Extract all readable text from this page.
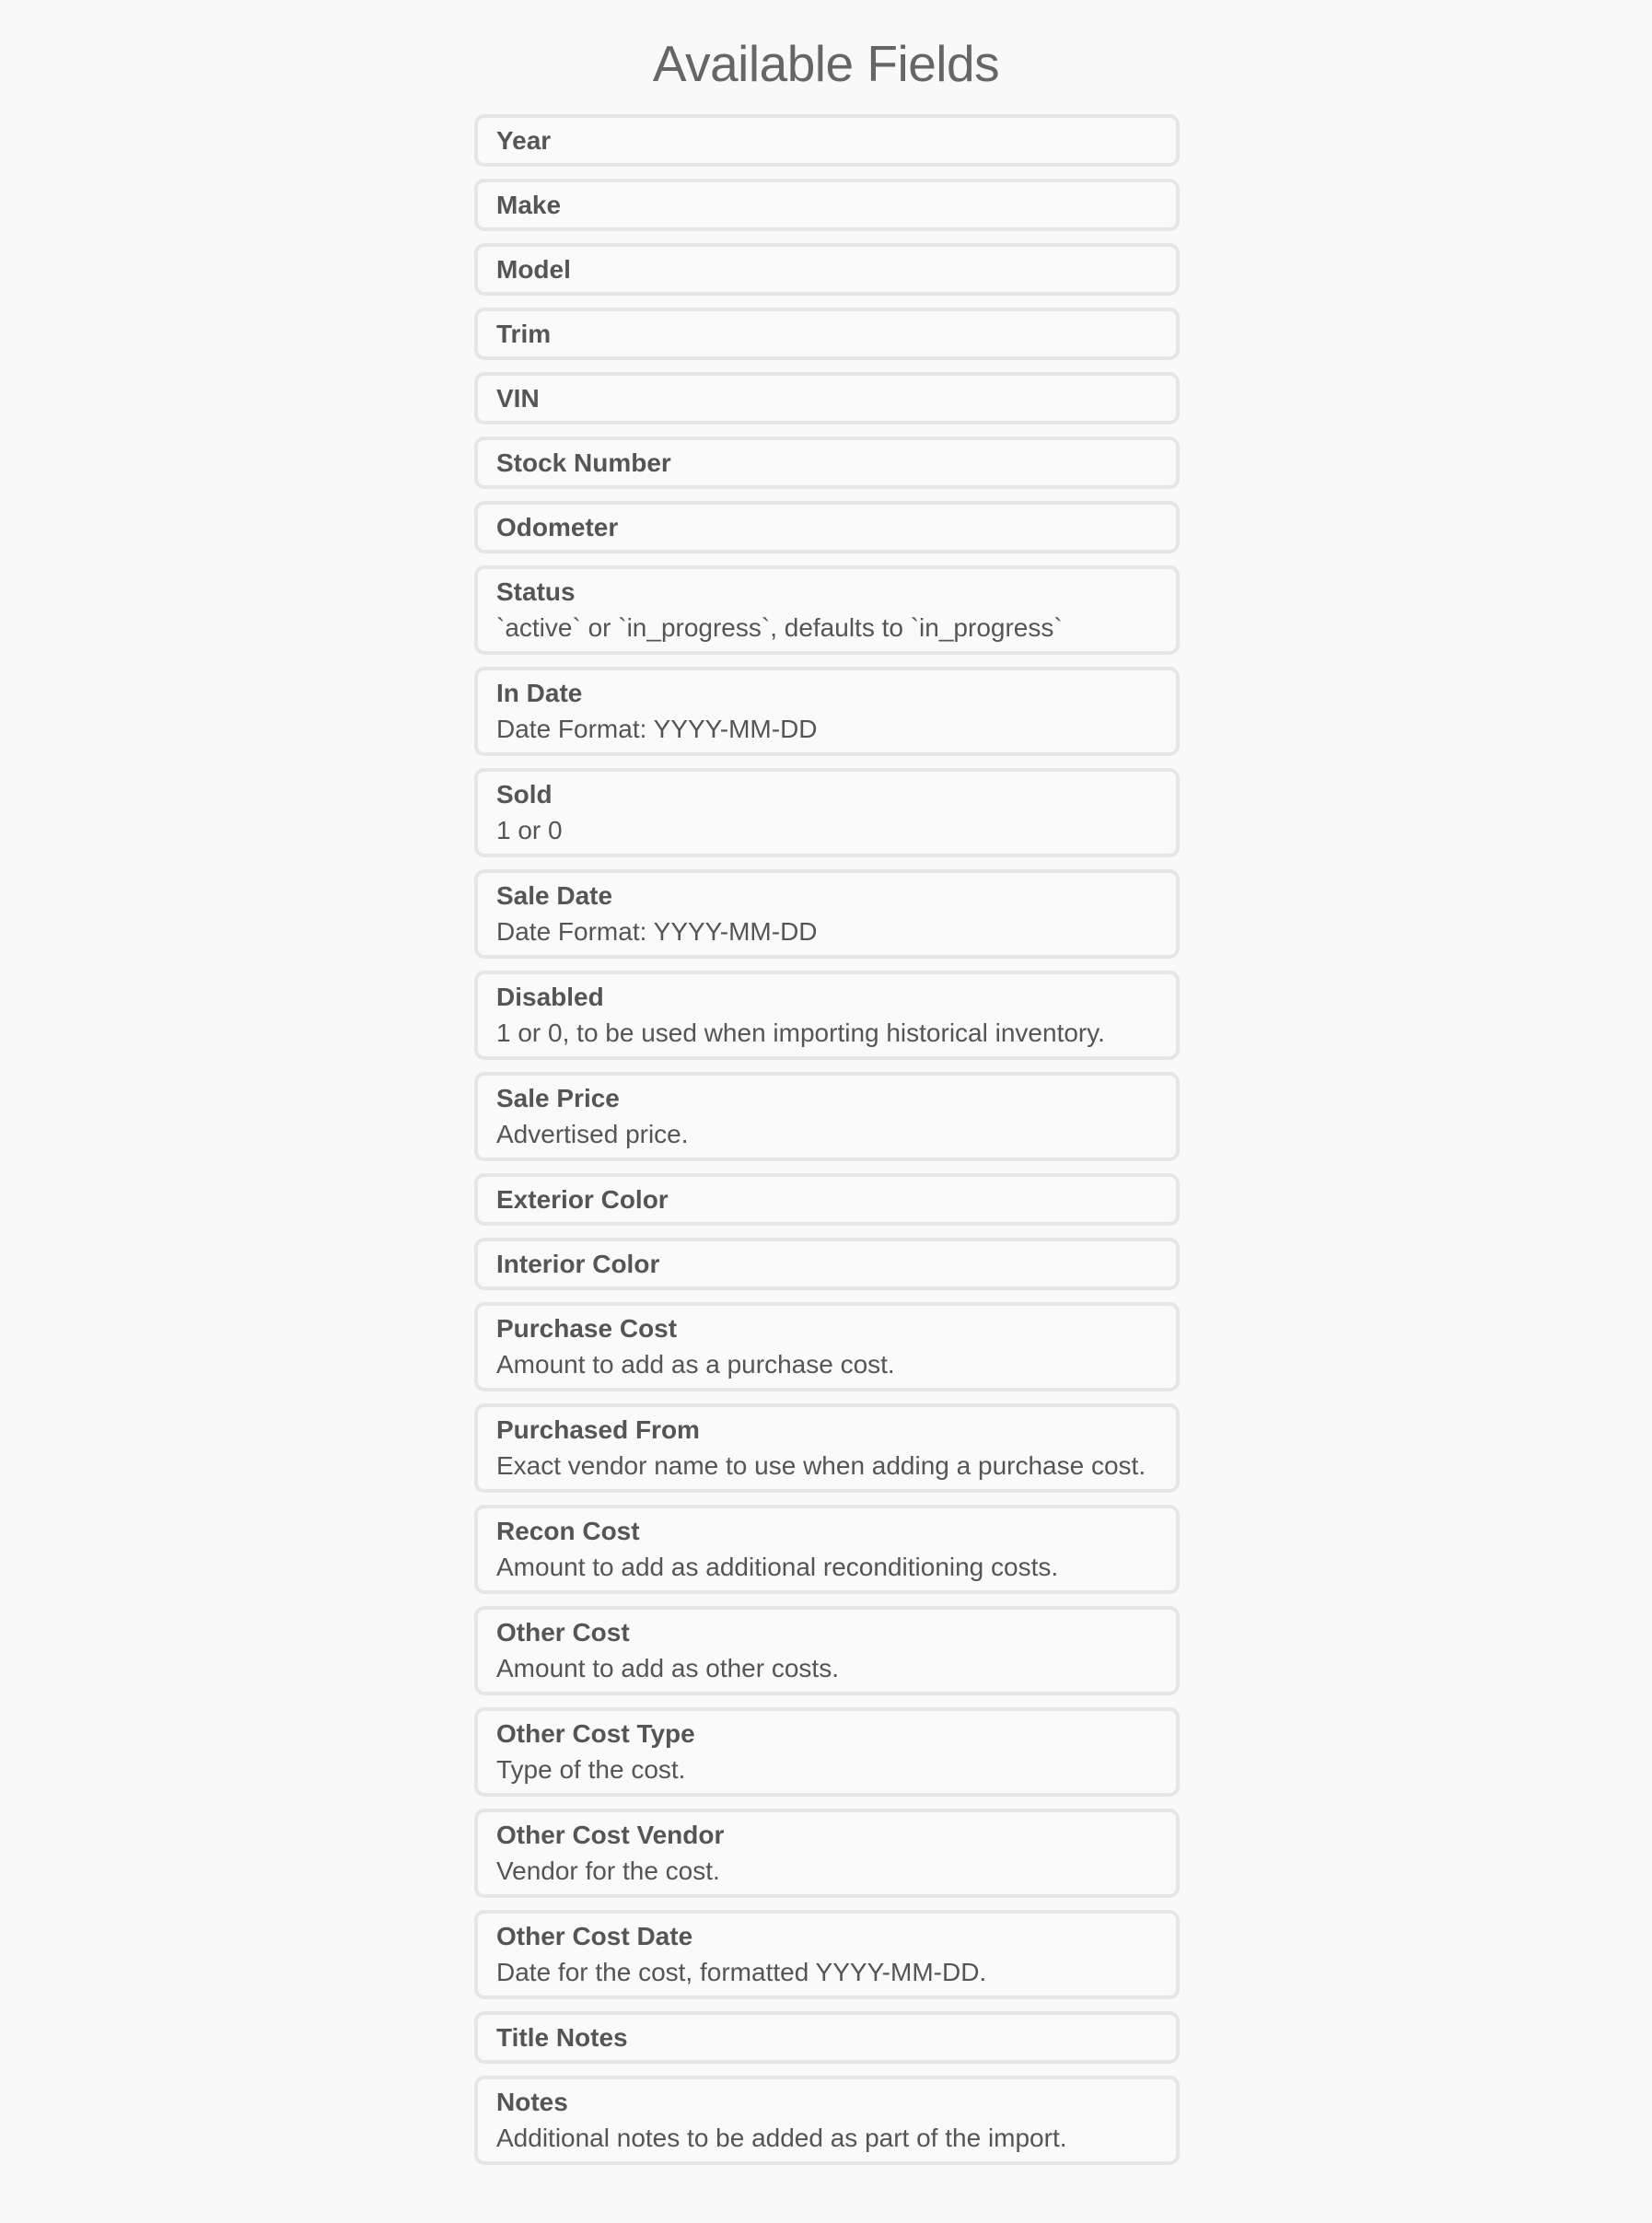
Available Fields
Year
Make
Model
Trim
VIN
Stock Number
Odometer
Status
`active` or `in_progress`, defaults to `in_progress`
In Date
Date Format: YYYY-MM-DD
Sold
1 or 0
Sale Date
Date Format: YYYY-MM-DD
Disabled
1 or 0, to be used when importing historical inventory.
Sale Price
Advertised price.
Exterior Color
Interior Color
Purchase Cost
Amount to add as a purchase cost.
Purchased From
Exact vendor name to use when adding a purchase cost.
Recon Cost
Amount to add as additional reconditioning costs.
Other Cost
Amount to add as other costs.
Other Cost Type
Type of the cost.
Other Cost Vendor
Vendor for the cost.
Other Cost Date
Date for the cost, formatted YYYY-MM-DD.
Title Notes
Notes
Additional notes to be added as part of the import.
